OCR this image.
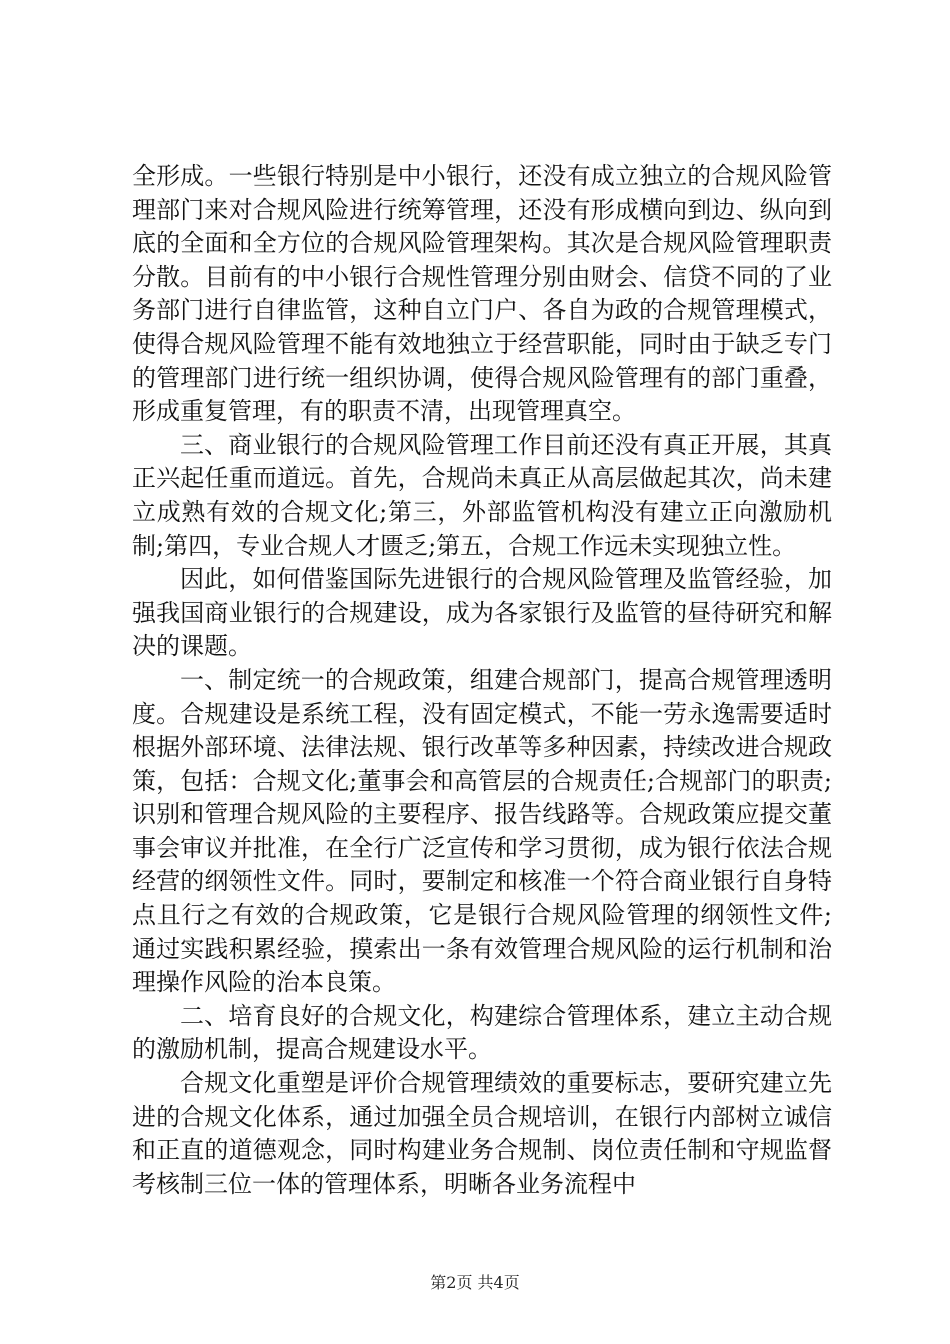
全形成。一些银行特别是中小银行，还没有成立独立的合规风险管理部门来对合规风险进行统筹管理，还没有形成横向到边、纵向到底的全面和全方位的合规风险管理架构。其次是合规风险管理职责分散。目前有的中小银行合规性管理分别由财会、信贷不同的了业务部门进行自律监管，这种自立门户、各自为政的合规管理模式，使得合规风险管理不能有效地独立于经营职能，同时由于缺乏专门的管理部门进行统一组织协调，使得合规风险管理有的部门重叠，形成重复管理，有的职责不清，出现管理真空。

三、商业银行的合规风险管理工作目前还没有真正开展，其真正兴起任重而道远。首先，合规尚未真正从高层做起其次，尚未建立成熟有效的合规文化;第三，外部监管机构没有建立正向激励机制;第四，专业合规人才匮乏;第五，合规工作远未实现独立性。

因此，如何借鉴国际先进银行的合规风险管理及监管经验，加强我国商业银行的合规建设，成为各家银行及监管的昼待研究和解决的课题。

一、制定统一的合规政策，组建合规部门，提高合规管理透明度。合规建设是系统工程，没有固定模式，不能一劳永逸需要适时根据外部环境、法律法规、银行改革等多种因素，持续改进合规政策，包括：合规文化;董事会和高管层的合规责任;合规部门的职责;识别和管理合规风险的主要程序、报告线路等。合规政策应提交董事会审议并批准，在全行广泛宣传和学习贯彻，成为银行依法合规经营的纲领性文件。同时，要制定和核准一个符合商业银行自身特点且行之有效的合规政策，它是银行合规风险管理的纲领性文件;通过实践积累经验，摸索出一条有效管理合规风险的运行机制和治理操作风险的治本良策。

二、培育良好的合规文化，构建综合管理体系，建立主动合规的激励机制，提高合规建设水平。

合规文化重塑是评价合规管理绩效的重要标志，要研究建立先进的合规文化体系，通过加强全员合规培训，在银行内部树立诚信和正直的道德观念，同时构建业务合规制、岗位责任制和守规监督考核制三位一体的管理体系，明晰各业务流程中

第2页 共4页
